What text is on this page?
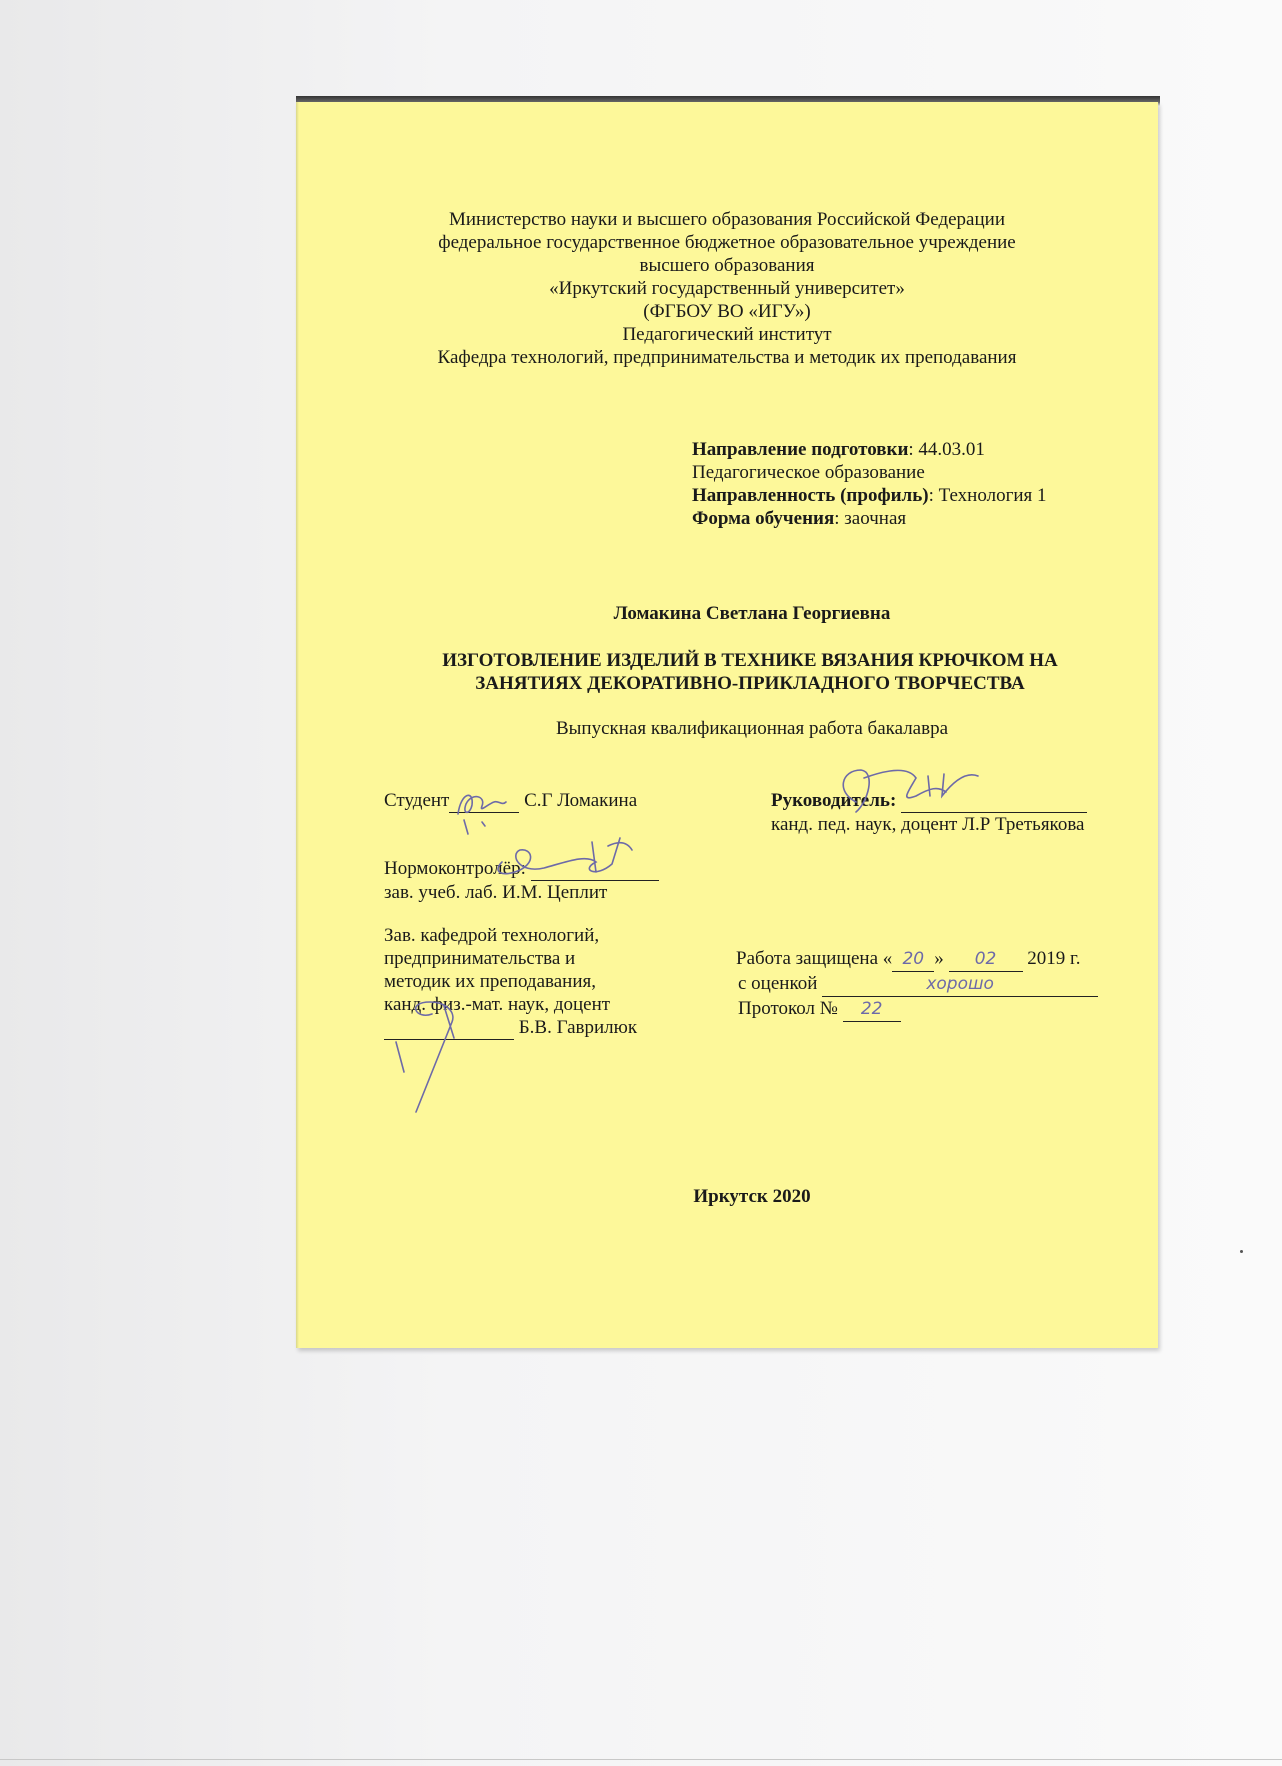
Министерство науки и высшего образования Российской Федерации
федеральное государственное бюджетное образовательное учреждение
высшего образования
«Иркутский государственный университет»
(ФГБОУ ВО «ИГУ»)
Педагогический институт
Кафедра технологий, предпринимательства и методик их преподавания
Направление подготовки: 44.03.01
Педагогическое образование
Направленность (профиль): Технология 1
Форма обучения: заочная
Ломакина Светлана Георгиевна
ИЗГОТОВЛЕНИЕ ИЗДЕЛИЙ В ТЕХНИКЕ ВЯЗАНИЯ КРЮЧКОМ НА
ЗАНЯТИЯХ ДЕКОРАТИВНО-ПРИКЛАДНОГО ТВОРЧЕСТВА
Выпускная квалификационная работа бакалавра
Студент	С.Г Ломакина	Руководитель:
канд. пед. наук, доцент Л.Р Третьякова
Нормоконтролёр:
зав. учеб. лаб. И.М. Цеплит
Зав. кафедрой технологий,
предпринимательства и
методик их преподавания,
канд. физ.-мат. наук, доцент
Б.В. Гаврилюк
Работа защищена « 20 » 02 2019 г.
с оценкой	хорошо
Протокол № 22
Иркутск 2020
